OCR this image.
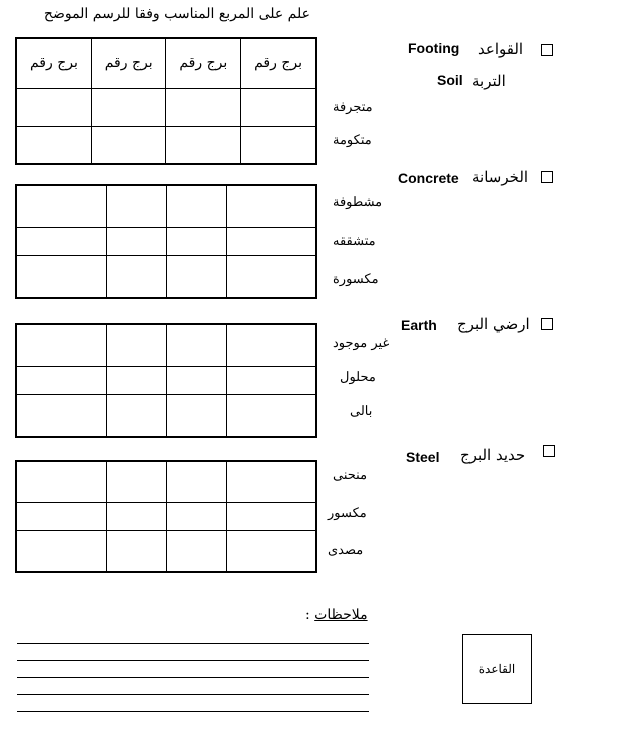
علم على المربع المناسب وفقا للرسم الموضح
برج رقم	برج رقم	برج رقم	برج رقم

متجرفة
متكومة
القواعد
Footing
التربة
Soil

مشطوفة
متشققه
مكسورة
الخرسانة
Concrete

غير موجود
محلول
بالى
ارضي البرج
Earth

منحنى
مكسور
مصدى
حديد البرج
Steel
: ملاحظات
القاعدة
